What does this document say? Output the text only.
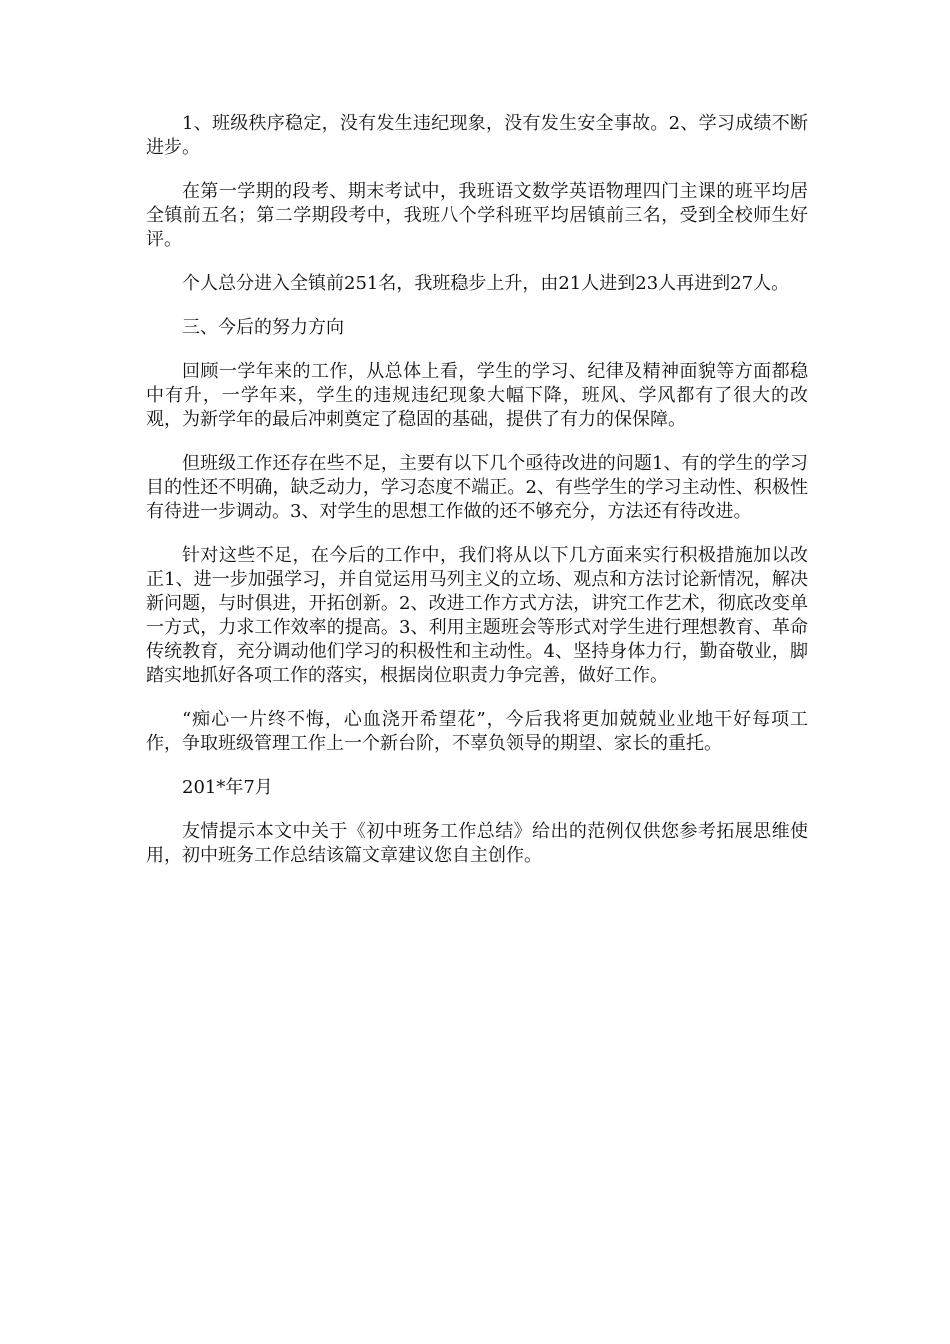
1、班级秩序稳定，没有发生违纪现象，没有发生安全事故。2、学习成绩不断进步。

在第一学期的段考、期末考试中，我班语文数学英语物理四门主课的班平均居全镇前五名；第二学期段考中，我班八个学科班平均居镇前三名，受到全校师生好评。

个人总分进入全镇前251名，我班稳步上升，由21人进到23人再进到27人。

三、今后的努力方向

回顾一学年来的工作，从总体上看，学生的学习、纪律及精神面貌等方面都稳中有升，一学年来，学生的违规违纪现象大幅下降，班风、学风都有了很大的改观，为新学年的最后冲刺奠定了稳固的基础，提供了有力的保保障。

但班级工作还存在些不足，主要有以下几个亟待改进的问题1、有的学生的学习目的性还不明确，缺乏动力，学习态度不端正。2、有些学生的学习主动性、积极性有待进一步调动。3、对学生的思想工作做的还不够充分，方法还有待改进。

针对这些不足，在今后的工作中，我们将从以下几方面来实行积极措施加以改正1、进一步加强学习，并自觉运用马列主义的立场、观点和方法讨论新情况，解决新问题，与时俱进，开拓创新。2、改进工作方式方法，讲究工作艺术，彻底改变单一方式，力求工作效率的提高。3、利用主题班会等形式对学生进行理想教育、革命传统教育，充分调动他们学习的积极性和主动性。4、坚持身体力行，勤奋敬业，脚踏实地抓好各项工作的落实，根据岗位职责力争完善，做好工作。

“痴心一片终不悔，心血浇开希望花”，今后我将更加兢兢业业地干好每项工作，争取班级管理工作上一个新台阶，不辜负领导的期望、家长的重托。

201*年7月

友情提示本文中关于《初中班务工作总结》给出的范例仅供您参考拓展思维使用，初中班务工作总结该篇文章建议您自主创作。
